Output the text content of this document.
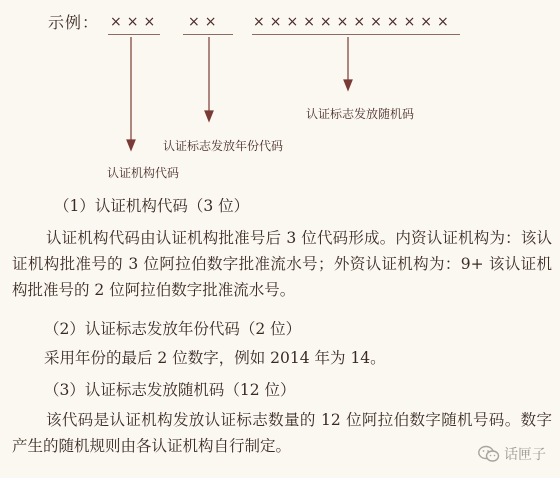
示例： ××× ×× ××××××××××××
认证标志发放随机码
认证标志发放年份代码
认证机构代码
（1）认证机构代码（3 位）
认证机构代码由认证机构批准号后 3 位代码形成。内资认证机构为：该认证机构批准号的 3 位阿拉伯数字批准流水号；外资认证机构为：9+ 该认证机构批准号的 2 位阿拉伯数字批准流水号。
（2）认证标志发放年份代码（2 位）
采用年份的最后 2 位数字，例如 2014 年为 14。
（3）认证标志发放随机码（12 位）
该代码是认证机构发放认证标志数量的 12 位阿拉伯数字随机号码。数字产生的随机规则由各认证机构自行制定。	话匣子
